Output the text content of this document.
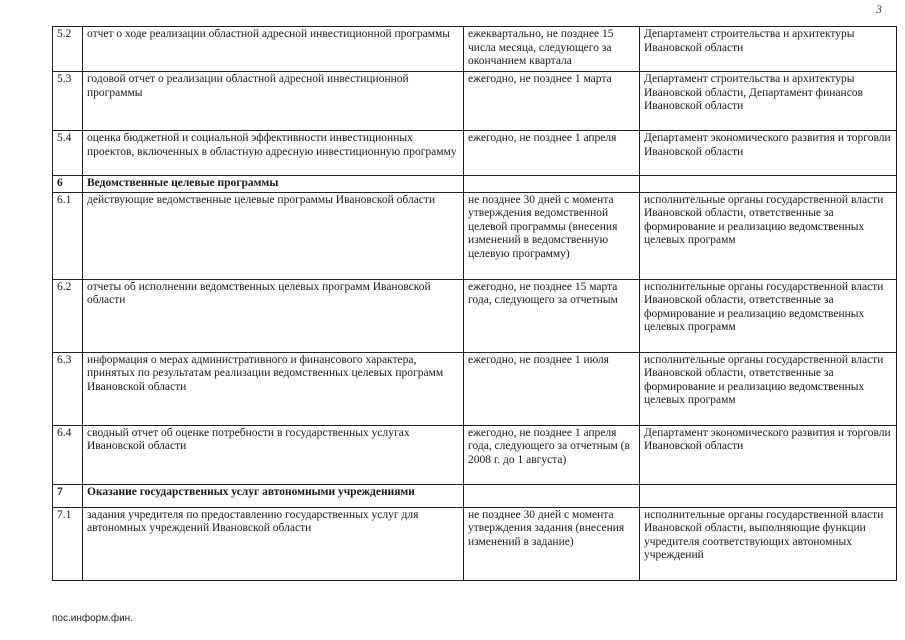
3
5.2	отчет о ходе реализации областной адресной инвестиционной программы	ежеквартально, не позднее 15 числа месяца, следующего за окончанием квартала	Департамент строительства и архитектуры Ивановской области
5.3	годовой отчет о реализации областной адресной инвестиционной программы	ежегодно, не позднее 1 марта	Департамент строительства и архитектуры Ивановской области, Департамент финансов Ивановской области
5.4	оценка бюджетной и социальной эффективности инвестиционных проектов, включенных в областную адресную инвестиционную программу	ежегодно, не позднее 1 апреля	Департамент экономического развития и торговли Ивановской области
6	Ведомственные целевые программы		
6.1	действующие ведомственные целевые программы Ивановской области	не позднее 30 дней с момента утверждения ведомственной целевой программы (внесения изменений в ведомственную целевую программу)	исполнительные органы государственной власти Ивановской области, ответственные за формирование и реализацию ведомственных целевых программ
6.2	отчеты об исполнении ведомственных целевых программ Ивановской области	ежегодно, не позднее 15 марта года, следующего за отчетным	исполнительные органы государственной власти Ивановской области, ответственные за формирование и реализацию ведомственных целевых программ
6.3	информация о мерах административного и финансового характера, принятых по результатам реализации ведомственных целевых программ Ивановской области	ежегодно, не позднее 1 июля	исполнительные органы государственной власти Ивановской области, ответственные за формирование и реализацию ведомственных целевых программ
6.4	сводный отчет об оценке потребности в государственных услугах Ивановской области	ежегодно, не позднее 1 апреля года, следующего за отчетным (в 2008 г. до 1 августа)	Департамент экономического развития и торговли Ивановской области
7	Оказание государственных услуг автономными учреждениями		
7.1	задания учредителя по предоставлению государственных услуг для автономных учреждений Ивановской области	не позднее 30 дней с момента утверждения задания (внесения изменений в задание)	исполнительные органы государственной власти Ивановской области, выполняющие функции учредителя соответствующих автономных учреждений
пос.информ.фин.
